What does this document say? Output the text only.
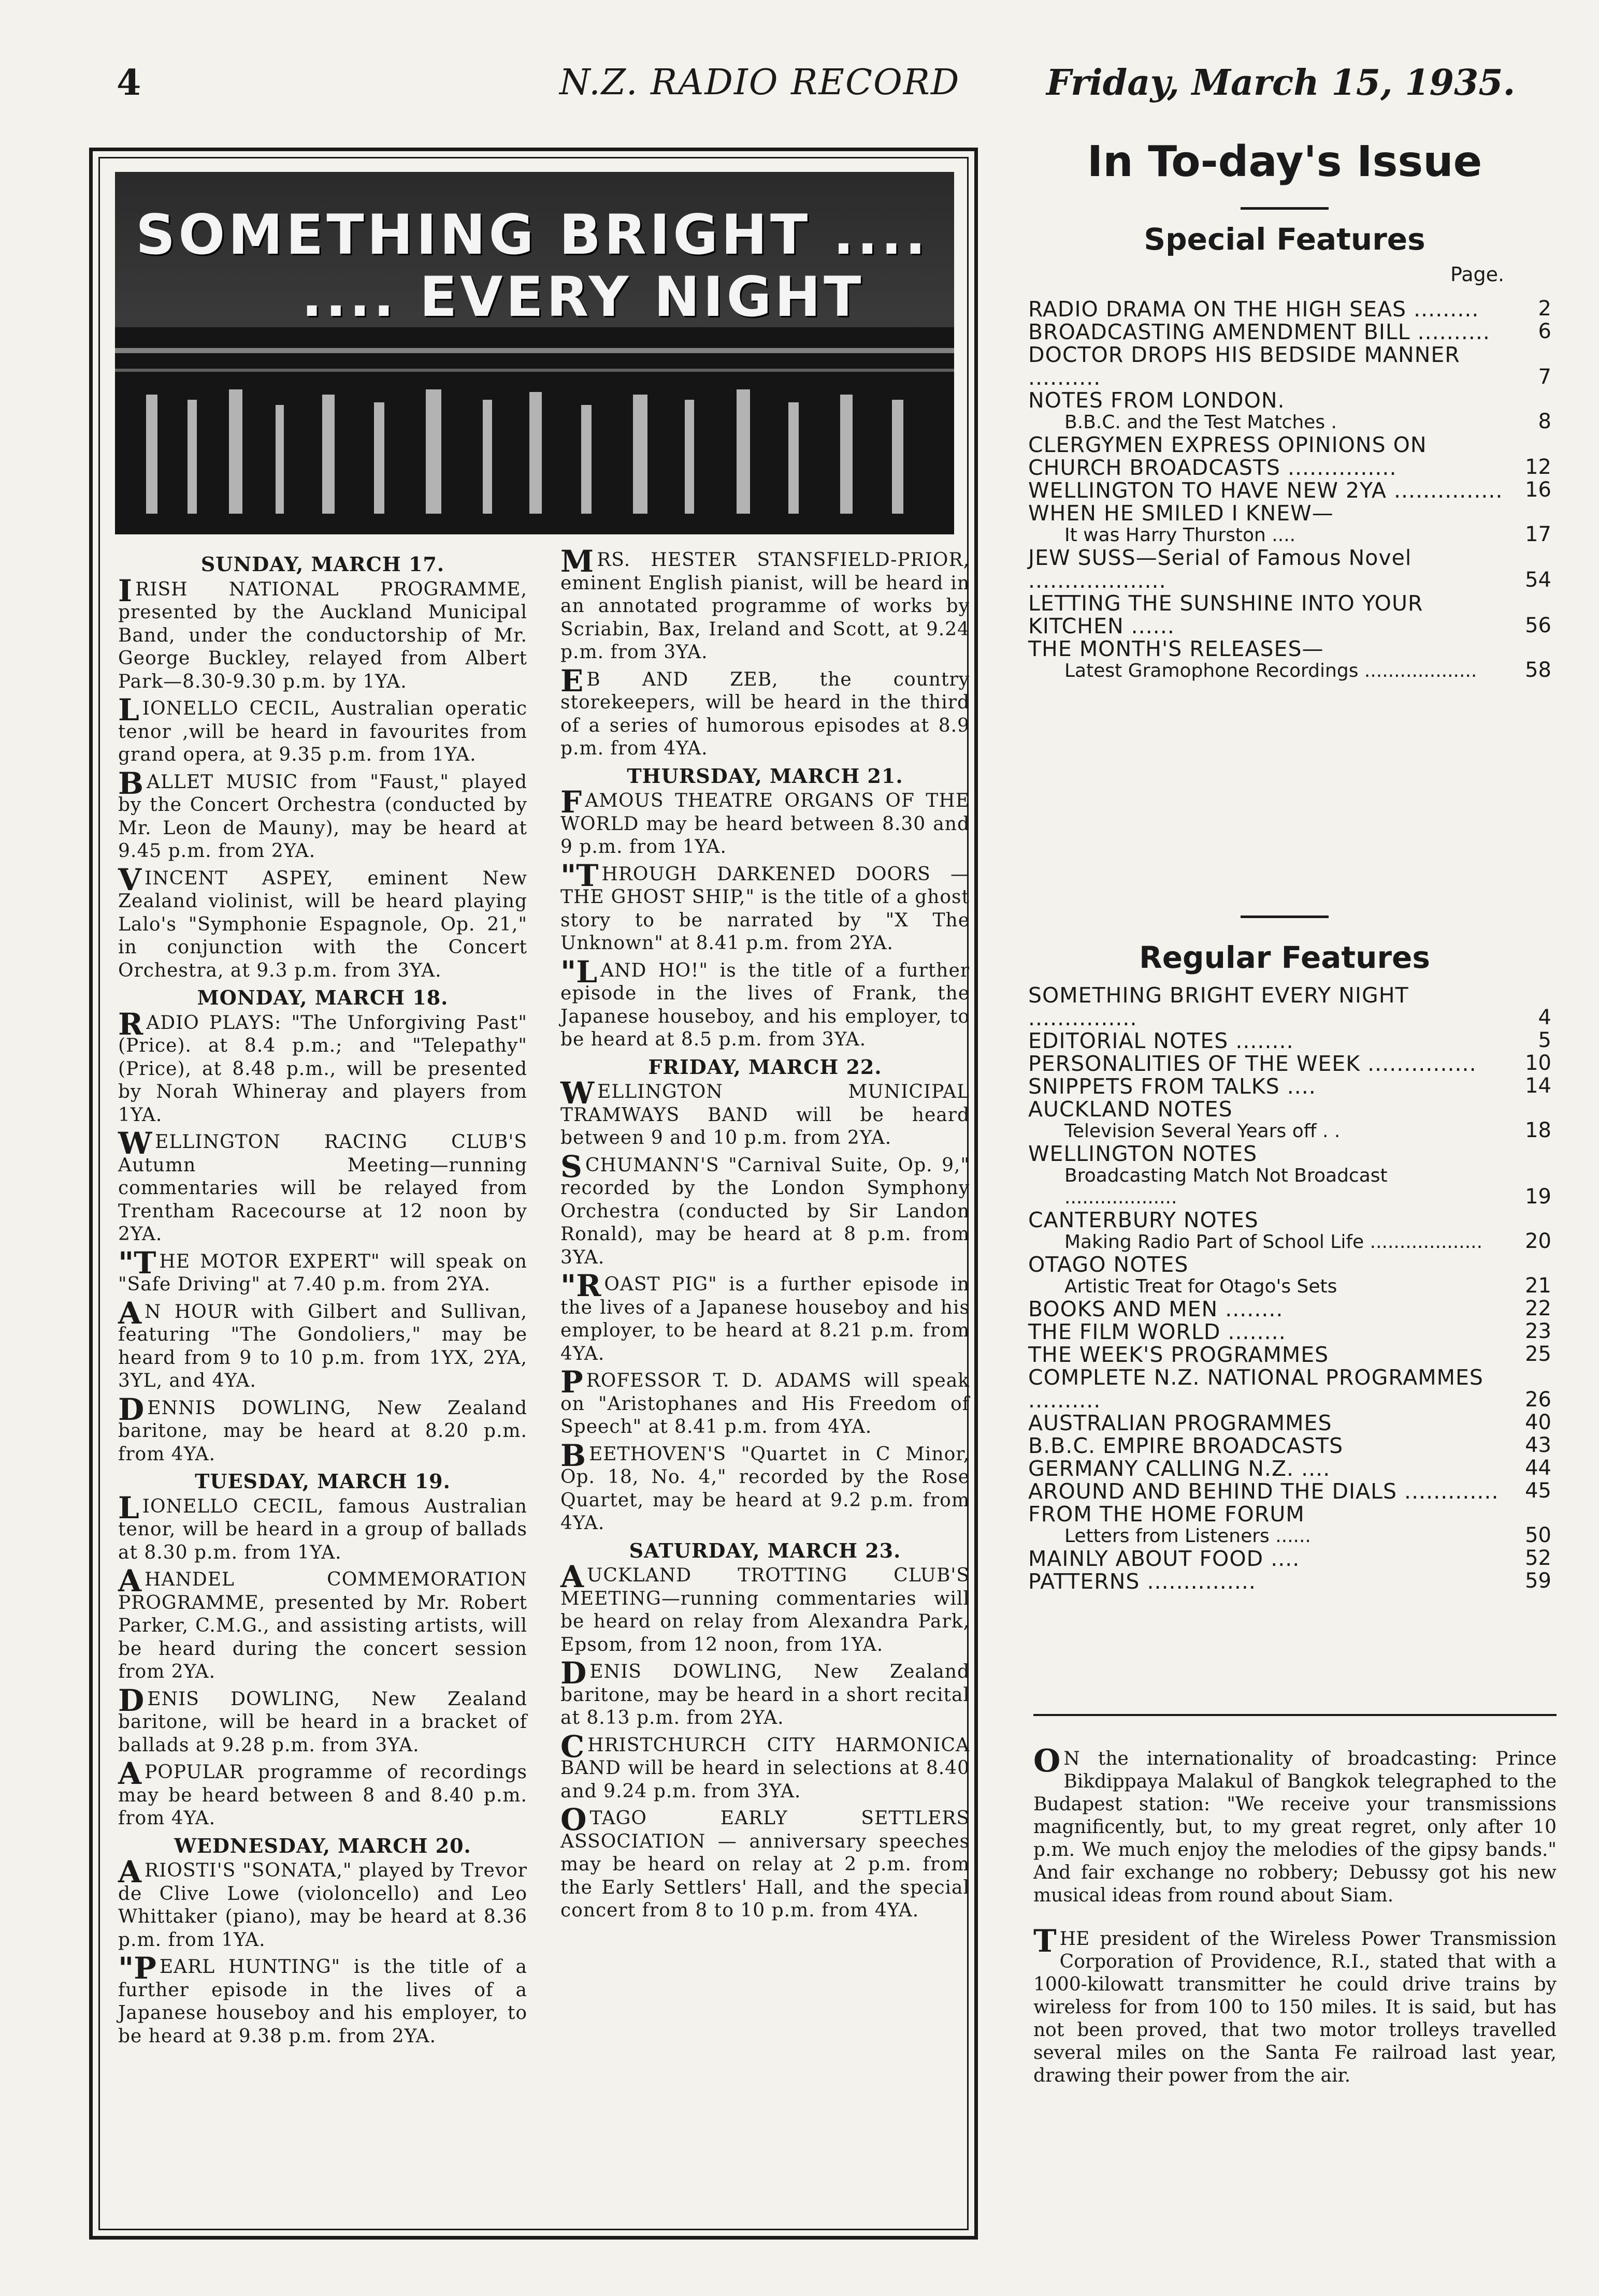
4	N.Z. RADIO RECORD Friday, March 15, 1935.
SOMETHING BRIGHT ....
.... EVERY NIGHT
SUNDAY, MARCH 17.
IRISH NATIONAL PROGRAMME, presented by the Auckland Municipal Band, under the conductorship of Mr. George Buckley, relayed from Albert Park—8.30-9.30 p.m. by 1YA.
LIONELLO CECIL, Australian operatic tenor ,will be heard in favourites from grand opera, at 9.35 p.m. from 1YA.
BALLET MUSIC from "Faust," played by the Concert Orchestra (conducted by Mr. Leon de Mauny), may be heard at 9.45 p.m. from 2YA.
VINCENT ASPEY, eminent New Zealand violinist, will be heard playing Lalo's "Symphonie Espagnole, Op. 21," in conjunction with the Concert Orchestra, at 9.3 p.m. from 3YA.
MONDAY, MARCH 18.
RADIO PLAYS: "The Unforgiving Past" (Price). at 8.4 p.m.; and "Telepathy" (Price), at 8.48 p.m., will be presented by Norah Whineray and players from 1YA.
WELLINGTON RACING CLUB'S Autumn Meeting—running commentaries will be relayed from Trentham Racecourse at 12 noon by 2YA.
"THE MOTOR EXPERT" will speak on "Safe Driving" at 7.40 p.m. from 2YA.
A N HOUR with Gilbert and Sullivan, featuring "The Gondoliers," may be heard from 9 to 10 p.m. from 1YX, 2YA, 3YL, and 4YA.
DENNIS DOWLING, New Zealand baritone, may be heard at 8.20 p.m. from 4YA.
TUESDAY, MARCH 19.
LIONELLO CECIL, famous Australian tenor, will be heard in a group of ballads at 8.30 p.m. from 1YA.
AHANDEL COMMEMORATION PROGRAMME, presented by Mr. Robert Parker, C.M.G., and assisting artists, will be heard during the concert session from 2YA.
DENIS DOWLING, New Zealand baritone, will be heard in a bracket of ballads at 9.28 p.m. from 3YA.
APOPULAR programme of recordings may be heard between 8 and 8.40 p.m. from 4YA.
WEDNESDAY, MARCH 20.
ARIOSTI'S "SONATA," played by Trevor de Clive Lowe (violoncello) and Leo Whittaker (piano), may be heard at 8.36 p.m. from 1YA.
"PEARL HUNTING" is the title of a further episode in the lives of a Japanese houseboy and his employer, to be heard at 9.38 p.m. from 2YA.
MRS. HESTER STANSFIELD-PRIOR, eminent English pianist, will be heard in an annotated programme of works by Scriabin, Bax, Ireland and Scott, at 9.24 p.m. from 3YA.
E B AND ZEB, the country storekeepers, will be heard in the third of a series of humorous episodes at 8.9 p.m. from 4YA.
THURSDAY, MARCH 21.
FAMOUS THEATRE ORGANS OF THE WORLD may be heard between 8.30 and 9 p.m. from 1YA.
"THROUGH DARKENED DOORS —THE GHOST SHIP," is the title of a ghost story to be narrated by "X The Unknown" at 8.41 p.m. from 2YA.
"LAND HO!" is the title of a further episode in the lives of Frank, the Japanese houseboy, and his employer, to be heard at 8.5 p.m. from 3YA.
FRIDAY, MARCH 22.
WELLINGTON MUNICIPAL TRAMWAYS BAND will be heard between 9 and 10 p.m. from 2YA.
SCHUMANN'S "Carnival Suite, Op. 9," recorded by the London Symphony Orchestra (conducted by Sir Landon Ronald), may be heard at 8 p.m. from 3YA.
"ROAST PIG" is a further episode in the lives of a Japanese houseboy and his employer, to be heard at 8.21 p.m. from 4YA.
PROFESSOR T. D. ADAMS will speak on "Aristophanes and His Freedom of Speech" at 8.41 p.m. from 4YA.
BEETHOVEN'S "Quartet in C Minor, Op. 18, No. 4," recorded by the Rose Quartet, may be heard at 9.2 p.m. from 4YA.
SATURDAY, MARCH 23.
AUCKLAND TROTTING CLUB'S MEETING—running commentaries will be heard on relay from Alexandra Park, Epsom, from 12 noon, from 1YA.
DENIS DOWLING, New Zealand baritone, may be heard in a short recital at 8.13 p.m. from 2YA.
CHRISTCHURCH CITY HARMONICA BAND will be heard in selections at 8.40 and 9.24 p.m. from 3YA.
OTAGO EARLY SETTLERS ASSOCIATION — anniversary speeches may be heard on relay at 2 p.m. from the Early Settlers' Hall, and the special concert from 8 to 10 p.m. from 4YA.
In To-day's Issue
Special Features
Page.
RADIO DRAMA ON THE HIGH SEAS .........	2
BROADCASTING AMENDMENT BILL ..........	6
DOCTOR DROPS HIS BEDSIDE MANNER ..........	7
NOTES FROM LONDON.
B.B.C. and the Test Matches .	8
CLERGYMEN EXPRESS OPINIONS ON CHURCH BROADCASTS ...............	12
WELLINGTON TO HAVE NEW 2YA ...............	16
WHEN HE SMILED I KNEW—
It was Harry Thurston ....	17
JEW SUSS—Serial of Famous Novel ...................	54
LETTING THE SUNSHINE INTO YOUR KITCHEN ......	56
THE MONTH'S RELEASES—
Latest Gramophone Recordings ...................	58
Regular Features
SOMETHING BRIGHT EVERY NIGHT ...............	4
EDITORIAL NOTES ........	5
PERSONALITIES OF THE WEEK ...............	10
SNIPPETS FROM TALKS ....	14
AUCKLAND NOTES
Television Several Years off . .	18
WELLINGTON NOTES
Broadcasting Match Not Broadcast ...................	19
CANTERBURY NOTES
Making Radio Part of School Life ...................	20
OTAGO NOTES
Artistic Treat for Otago's Sets	21
BOOKS AND MEN ........	22
THE FILM WORLD ........	23
THE WEEK'S PROGRAMMES	25
COMPLETE N.Z. NATIONAL PROGRAMMES ..........	26
AUSTRALIAN PROGRAMMES	40
B.B.C. EMPIRE BROADCASTS	43
GERMANY CALLING N.Z. ....	44
AROUND AND BEHIND THE DIALS .............	45
FROM THE HOME FORUM
Letters from Listeners ......	50
MAINLY ABOUT FOOD ....	52
PATTERNS ...............	59
O N the internationality of broadcasting: Prince Bikdippaya Malakul of Bangkok telegraphed to the Budapest station: "We receive your transmissions magnificently, but, to my great regret, only after 10 p.m. We much enjoy the melodies of the gipsy bands." And fair exchange no robbery; Debussy got his new musical ideas from round about Siam.
THE president of the Wireless Power Transmission Corporation of Providence, R.I., stated that with a 1000-kilowatt transmitter he could drive trains by wireless for from 100 to 150 miles. It is said, but has not been proved, that two motor trolleys travelled several miles on the Santa Fe railroad last year, drawing their power from the air.
